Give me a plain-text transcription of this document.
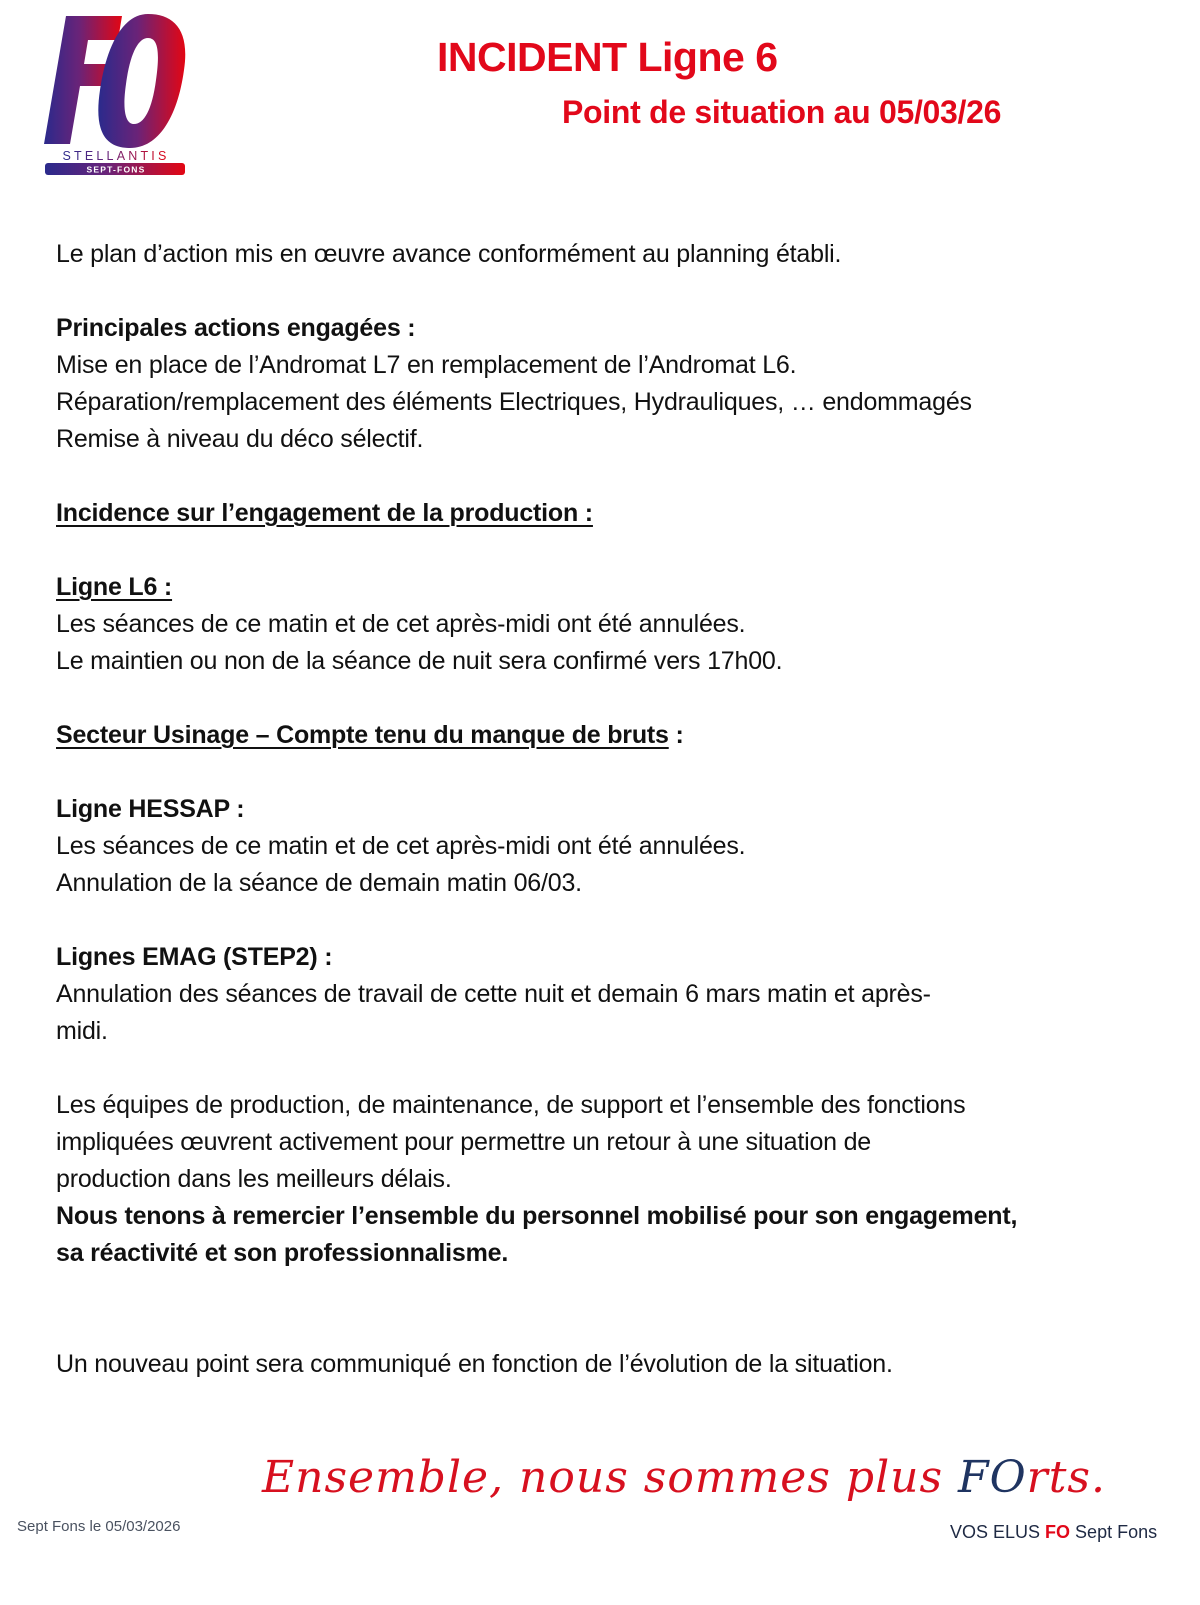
STELLANTIS
SEPT-FONS
INCIDENT Ligne 6
Point de situation au 05/03/26
Le plan d’action mis en œuvre avance conformément au planning établi.
Principales actions engagées :
Mise en place de l’Andromat L7 en remplacement de l’Andromat L6.
Réparation/remplacement des éléments Electriques, Hydrauliques, … endommagés
Remise à niveau du déco sélectif.
Incidence sur l’engagement de la production :
Ligne L6 :
Les séances de ce matin et de cet après-midi ont été annulées.
Le maintien ou non de la séance de nuit sera confirmé vers 17h00.
Secteur Usinage – Compte tenu du manque de bruts :
Ligne HESSAP :
Les séances de ce matin et de cet après-midi ont été annulées.
Annulation de la séance de demain matin 06/03.
Lignes EMAG (STEP2) :
Annulation des séances de travail de cette nuit et demain 6 mars matin et après-
midi.
Les équipes de production, de maintenance, de support et l’ensemble des fonctions
impliquées œuvrent activement pour permettre un retour à une situation de
production dans les meilleurs délais.
Nous tenons à remercier l’ensemble du personnel mobilisé pour son engagement,
sa réactivité et son professionnalisme.
Un nouveau point sera communiqué en fonction de l’évolution de la situation.
Ensemble, nous sommes plus FOrts.
Sept Fons le 05/03/2026	VOS ELUS FO Sept Fons
